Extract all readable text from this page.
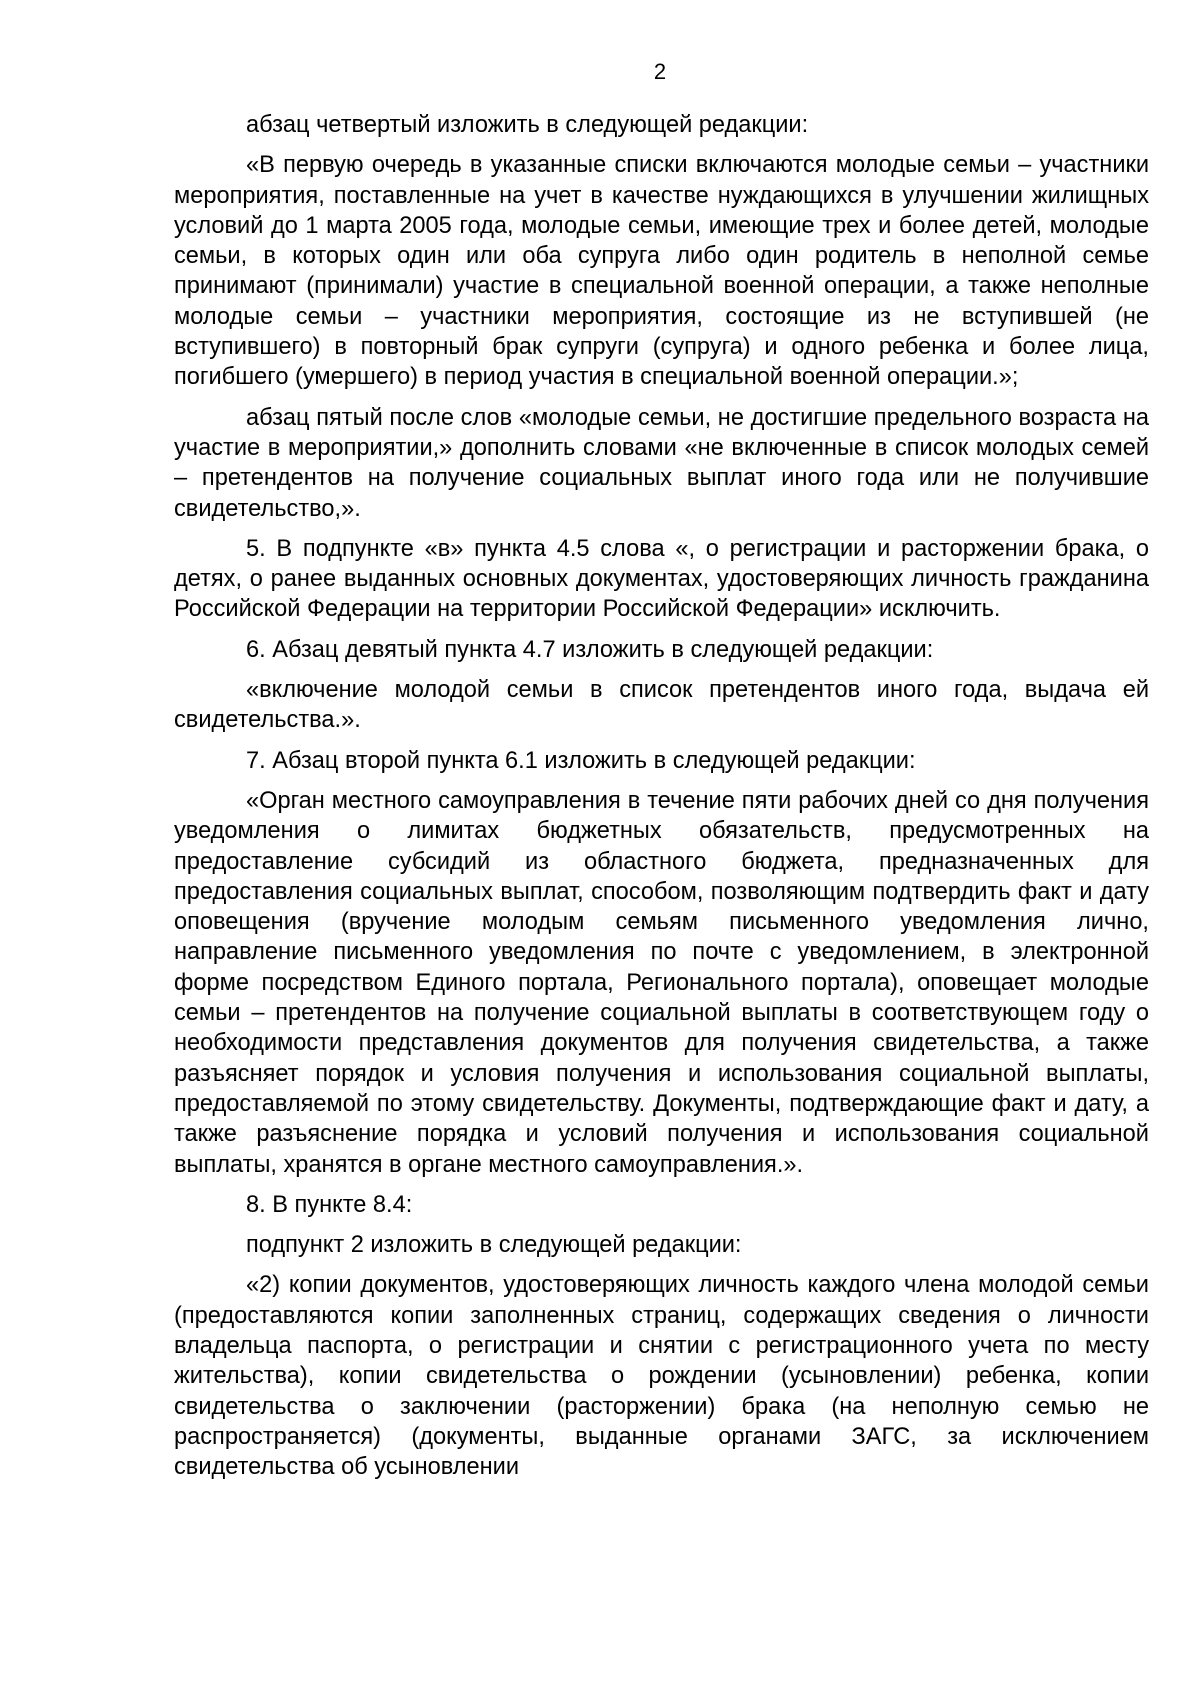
2

абзац четвертый изложить в следующей редакции:

«В первую очередь в указанные списки включаются молодые семьи – участники мероприятия, поставленные на учет в качестве нуждающихся в улучшении жилищных условий до 1 марта 2005 года, молодые семьи, имеющие трех и более детей, молодые семьи, в которых один или оба супруга либо один родитель в неполной семье принимают (принимали) участие в специальной военной операции, а также неполные молодые семьи – участники мероприятия, состоящие из не вступившей (не вступившего) в повторный брак супруги (супруга) и одного ребенка и более лица, погибшего (умершего) в период участия в специальной военной операции.»;

абзац пятый после слов «молодые семьи, не достигшие предельного возраста на участие в мероприятии,» дополнить словами «не включенные в список молодых семей – претендентов на получение социальных выплат иного года или не получившие свидетельство,».

5. В подпункте «в» пункта 4.5 слова «, о регистрации и расторжении брака, о детях, о ранее выданных основных документах, удостоверяющих личность гражданина Российской Федерации на территории Российской Федерации» исключить.

6. Абзац девятый пункта 4.7 изложить в следующей редакции:

«включение молодой семьи в список претендентов иного года, выдача ей свидетельства.».

7. Абзац второй пункта 6.1 изложить в следующей редакции:

«Орган местного самоуправления в течение пяти рабочих дней со дня получения уведомления о лимитах бюджетных обязательств, предусмотренных на предоставление субсидий из областного бюджета, предназначенных для предоставления социальных выплат, способом, позволяющим подтвердить факт и дату оповещения (вручение молодым семьям письменного уведомления лично, направление письменного уведомления по почте с уведомлением, в электронной форме посредством Единого портала, Регионального портала), оповещает молодые семьи – претендентов на получение социальной выплаты в соответствующем году о необходимости представления документов для получения свидетельства, а также разъясняет порядок и условия получения и использования социальной выплаты, предоставляемой по этому свидетельству. Документы, подтверждающие факт и дату, а также разъяснение порядка и условий получения и использования социальной выплаты, хранятся в органе местного самоуправления.».

8. В пункте 8.4:

подпункт 2 изложить в следующей редакции:

«2) копии документов, удостоверяющих личность каждого члена молодой семьи (предоставляются копии заполненных страниц, содержащих сведения о личности владельца паспорта, о регистрации и снятии с регистрационного учета по месту жительства), копии свидетельства о рождении (усыновлении) ребенка, копии свидетельства о заключении (расторжении) брака (на неполную семью не распространяется) (документы, выданные органами ЗАГС, за исключением свидетельства об усыновлении
